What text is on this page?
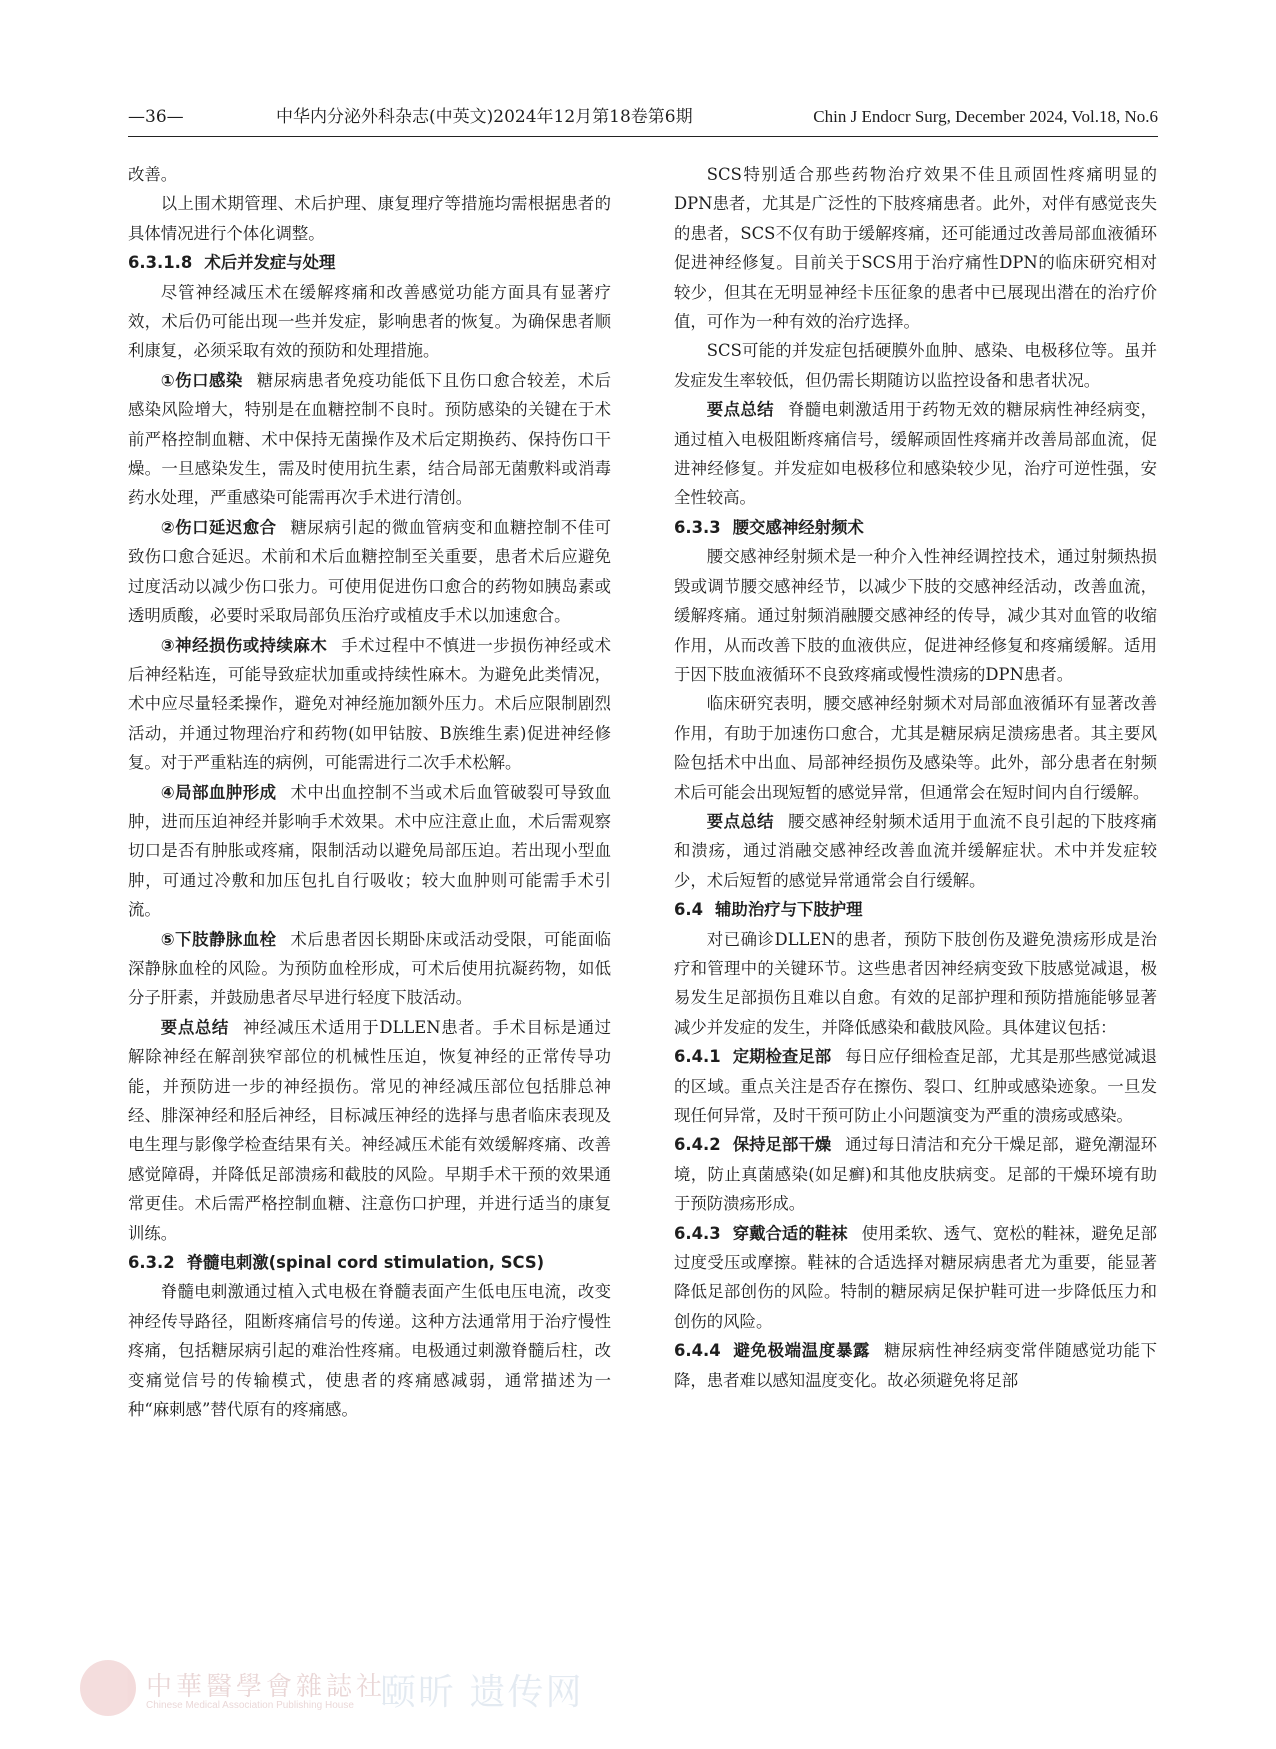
—36—	中华内分泌外科杂志(中英文)2024年12月第18卷第6期	Chin J Endocr Surg, December 2024, Vol.18, No.6

改善。

以上围术期管理、术后护理、康复理疗等措施均需根据患者的具体情况进行个体化调整。

6.3.1.8 术后并发症与处理

尽管神经减压术在缓解疼痛和改善感觉功能方面具有显著疗效，术后仍可能出现一些并发症，影响患者的恢复。为确保患者顺利康复，必须采取有效的预防和处理措施。

①伤口感染 糖尿病患者免疫功能低下且伤口愈合较差，术后感染风险增大，特别是在血糖控制不良时。预防感染的关键在于术前严格控制血糖、术中保持无菌操作及术后定期换药、保持伤口干燥。一旦感染发生，需及时使用抗生素，结合局部无菌敷料或消毒药水处理，严重感染可能需再次手术进行清创。

②伤口延迟愈合 糖尿病引起的微血管病变和血糖控制不佳可致伤口愈合延迟。术前和术后血糖控制至关重要，患者术后应避免过度活动以减少伤口张力。可使用促进伤口愈合的药物如胰岛素或透明质酸，必要时采取局部负压治疗或植皮手术以加速愈合。

③神经损伤或持续麻木 手术过程中不慎进一步损伤神经或术后神经粘连，可能导致症状加重或持续性麻木。为避免此类情况，术中应尽量轻柔操作，避免对神经施加额外压力。术后应限制剧烈活动，并通过物理治疗和药物(如甲钴胺、B族维生素)促进神经修复。对于严重粘连的病例，可能需进行二次手术松解。

④局部血肿形成 术中出血控制不当或术后血管破裂可导致血肿，进而压迫神经并影响手术效果。术中应注意止血，术后需观察切口是否有肿胀或疼痛，限制活动以避免局部压迫。若出现小型血肿，可通过冷敷和加压包扎自行吸收；较大血肿则可能需手术引流。

⑤下肢静脉血栓 术后患者因长期卧床或活动受限，可能面临深静脉血栓的风险。为预防血栓形成，可术后使用抗凝药物，如低分子肝素，并鼓励患者尽早进行轻度下肢活动。

要点总结 神经减压术适用于DLLEN患者。手术目标是通过解除神经在解剖狭窄部位的机械性压迫，恢复神经的正常传导功能，并预防进一步的神经损伤。常见的神经减压部位包括腓总神经、腓深神经和胫后神经，目标减压神经的选择与患者临床表现及电生理与影像学检查结果有关。神经减压术能有效缓解疼痛、改善感觉障碍，并降低足部溃疡和截肢的风险。早期手术干预的效果通常更佳。术后需严格控制血糖、注意伤口护理，并进行适当的康复训练。

6.3.2 脊髓电刺激(spinal cord stimulation, SCS)

脊髓电刺激通过植入式电极在脊髓表面产生低电压电流，改变神经传导路径，阻断疼痛信号的传递。这种方法通常用于治疗慢性疼痛，包括糖尿病引起的难治性疼痛。电极通过刺激脊髓后柱，改变痛觉信号的传输模式，使患者的疼痛感减弱，通常描述为一种“麻刺感”替代原有的疼痛感。

SCS特别适合那些药物治疗效果不佳且顽固性疼痛明显的DPN患者，尤其是广泛性的下肢疼痛患者。此外，对伴有感觉丧失的患者，SCS不仅有助于缓解疼痛，还可能通过改善局部血液循环促进神经修复。目前关于SCS用于治疗痛性DPN的临床研究相对较少，但其在无明显神经卡压征象的患者中已展现出潜在的治疗价值，可作为一种有效的治疗选择。

SCS可能的并发症包括硬膜外血肿、感染、电极移位等。虽并发症发生率较低，但仍需长期随访以监控设备和患者状况。

要点总结 脊髓电刺激适用于药物无效的糖尿病性神经病变，通过植入电极阻断疼痛信号，缓解顽固性疼痛并改善局部血流，促进神经修复。并发症如电极移位和感染较少见，治疗可逆性强，安全性较高。

6.3.3 腰交感神经射频术

腰交感神经射频术是一种介入性神经调控技术，通过射频热损毁或调节腰交感神经节，以减少下肢的交感神经活动，改善血流，缓解疼痛。通过射频消融腰交感神经的传导，减少其对血管的收缩作用，从而改善下肢的血液供应，促进神经修复和疼痛缓解。适用于因下肢血液循环不良致疼痛或慢性溃疡的DPN患者。

临床研究表明，腰交感神经射频术对局部血液循环有显著改善作用，有助于加速伤口愈合，尤其是糖尿病足溃疡患者。其主要风险包括术中出血、局部神经损伤及感染等。此外，部分患者在射频术后可能会出现短暂的感觉异常，但通常会在短时间内自行缓解。

要点总结 腰交感神经射频术适用于血流不良引起的下肢疼痛和溃疡，通过消融交感神经改善血流并缓解症状。术中并发症较少，术后短暂的感觉异常通常会自行缓解。

6.4 辅助治疗与下肢护理

对已确诊DLLEN的患者，预防下肢创伤及避免溃疡形成是治疗和管理中的关键环节。这些患者因神经病变致下肢感觉减退，极易发生足部损伤且难以自愈。有效的足部护理和预防措施能够显著减少并发症的发生，并降低感染和截肢风险。具体建议包括：

6.4.1 定期检查足部 每日应仔细检查足部，尤其是那些感觉减退的区域。重点关注是否存在擦伤、裂口、红肿或感染迹象。一旦发现任何异常，及时干预可防止小问题演变为严重的溃疡或感染。

6.4.2 保持足部干燥 通过每日清洁和充分干燥足部，避免潮湿环境，防止真菌感染(如足癣)和其他皮肤病变。足部的干燥环境有助于预防溃疡形成。

6.4.3 穿戴合适的鞋袜 使用柔软、透气、宽松的鞋袜，避免足部过度受压或摩擦。鞋袜的合适选择对糖尿病患者尤为重要，能显著降低足部创伤的风险。特制的糖尿病足保护鞋可进一步降低压力和创伤的风险。

6.4.4 避免极端温度暴露 糖尿病性神经病变常伴随感觉功能下降，患者难以感知温度变化。故必须避免将足部

中華醫學會雜誌社
Chinese Medical Association Publishing House 颐昕 遗传网
